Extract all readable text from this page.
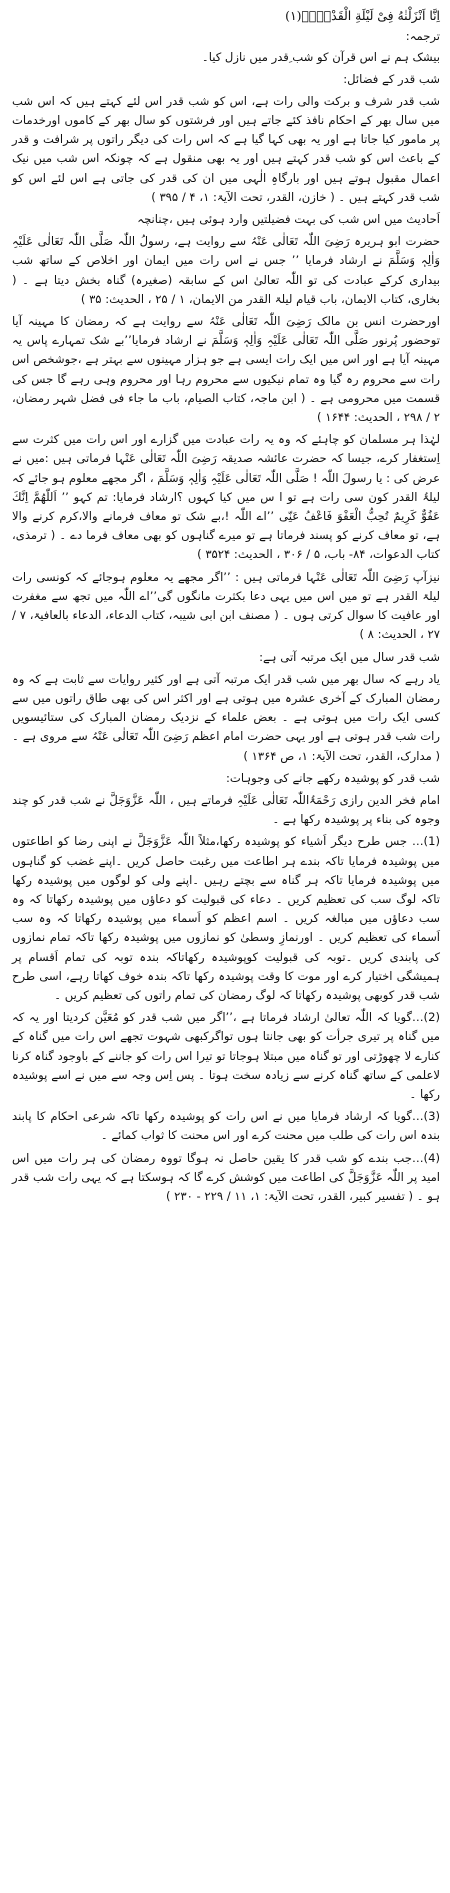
اِنَّا اَنْزَلْنٰهُ فِیْ لَیْلَةِ الْقَدْرِۚۖ(۱)
ترجمہ:
بیشک ہم نے اس قرآن کو شب ِقدر میں نازل کیا۔
شب قدر کے فضائل:
شب قدر شرف و برکت والی رات ہے، اس کو شب قدر اس لئے کہتے ہیں کہ اس شب میں سال بھر کے احکام نافذ کئے جاتے ہیں اور فرشتوں کو سال بھر کے کاموں اورخدمات پر مامور کیا جاتا ہے اور یہ بھی کہا گیا ہے کہ اس رات کی دیگر راتوں پر شرافت و قدر کے باعث اس کو شب قدر کہتے ہیں اور یہ بھی منقول ہے کہ چونکہ اس شب میں نیک اعمال مقبول ہوتے ہیں اور بارگاہِ الٰہی میں ان کی قدر کی جاتی ہے اس لئے اس کو شب قدر کہتے ہیں ۔ ( خازن، القدر، تحت الآیۃ: ۱، ۴ / ۳۹۵ )
اَحادیث میں اس شب کی بہت فضیلتیں وارد ہوئی ہیں ،چنانچہ
حضرت ابو ہریرہ رَضِیَ اللّٰہ تَعَالٰی عَنْہُ سے روایت ہے، رسولُ اللّٰہ صَلَّی اللّٰہ تَعَالٰی عَلَیْہِ وَاٰلِہٖ وَسَلَّمَ نے ارشاد فرمایا ’’ جس نے اس رات میں ایمان اور اخلاص کے ساتھ شب بیداری کرکے عبادت کی تو اللّٰہ تعالیٰ اس کے سابقہ (صغیرہ) گناہ بخش دیتا ہے ۔ ( بخاری، کتاب الایمان، باب قیام لیلۃ القدر من الایمان، ۱ / ۲۵ ، الحدیث: ۳۵ )
اورحضرت انس بن مالک رَضِیَ اللّٰہ تَعَالٰی عَنْہُ سے روایت ہے کہ رمضان کا مہینہ آیا توحضور پُرنور صَلَّی اللّٰہ تَعَالٰی عَلَیْہِ وَاٰلِہٖ وَسَلَّمَ نے ارشاد فرمایا’’بے شک تمہارے پاس یہ مہینہ آیا ہے اور اس میں ایک رات ایسی ہے جو ہزار مہینوں سے بہتر ہے ،جوشخص اس رات سے محروم رہ گیا وہ تمام نیکیوں سے محروم رہا اور محروم وہی رہے گا جس کی قسمت میں محرومی ہے ۔ ( ابن ماجہ، کتاب الصیام، باب ما جاء فی فضل شہر رمضان، ۲ / ۲۹۸ ، الحدیث: ۱۶۴۴ )
لہٰذا ہر مسلمان کو چاہئے کہ وہ یہ رات عبادت میں گزارے اور اس رات میں کثرت سے اِستغفار کرے، جیسا کہ حضرت عائشہ صدیقہ رَضِیَ اللّٰہ تَعَالٰی عَنْہا فرماتی ہیں :میں نے عرض کی : یا رسولَ اللّٰہ ! صَلَّی اللّٰہ تَعَالٰی عَلَیْہِ وَاٰلِہٖ وَسَلَّمَ ، اگر مجھے معلوم ہو جائے کہ لیلۃُ القدر کون سی رات ہے تو ا س میں کیا کہوں ؟ارشاد فرمایا: تم کہو ’’ اَللّٰهُمَّ اِنَّكَ عَفُوٌّ كَرِيمٌ تُحِبُّ الْعَفْوَ فَاعْفُ عَنِّی ’’اے اللّٰہ !،بے شک تو معاف فرمانے والا،کرم کرنے والا ہے، تو معاف کرنے کو پسند فرماتا ہے تو میرے گناہوں کو بھی معاف فرما دے ۔ ( ترمذی، کتاب الدعوات، ۸۴- باب، ۵ / ۳۰۶ ، الحدیث: ۳۵۲۴ )
نیزآپ رَضِیَ اللّٰہ تَعَالٰی عَنْہا فرماتی ہیں : ’’اگر مجھے یہ معلوم ہوجائے کہ کونسی رات لیلۃ القدر ہے تو میں اس میں یہی دعا بکثرت مانگوں گی’’اے اللّٰہ میں تجھ سے مغفرت اور عافیت کا سوال کرتی ہوں ۔ ( مصنف ابن ابی شیبہ، کتاب الدعاء، الدعاء بالعافیۃ، ۷ / ۲۷ ، الحدیث: ۸ )
شب قدر سال میں ایک مرتبہ آتی ہے:
یاد رہے کہ سال بھر میں شب قدر ایک مرتبہ آتی ہے اور کثیر روایات سے ثابت ہے کہ وہ رمضان المبارک کے آخری عشرہ میں ہوتی ہے اور اکثر اس کی بھی طاق راتوں میں سے کسی ایک رات میں ہوتی ہے ۔ بعض علماء کے نزدیک رمضان المبارک کی ستائیسویں رات شب قدر ہوتی ہے اور یہی حضرت امام اعظم رَضِیَ اللّٰہ تَعَالٰی عَنْہُ سے مروی ہے ۔ ( مدارک، القدر، تحت الآیۃ: ۱، ص ۱۳۶۴ )
شب قدر کو پوشیدہ رکھے جانے کی وجوہات:
امام فخر الدین رازی رَحْمَۃُاللّٰہ تَعَالٰی عَلَیْہِ فرماتے ہیں ، اللّٰہ عَزَّوَجَلَّ نے شب قدر کو چند وجوہ کی بناء پر پوشیدہ رکھا ہے ۔
(1)… جس طرح دیگر اَشیاء کو پوشیدہ رکھا،مثلاً اللّٰہ عَزَّوَجَلَّ نے اپنی رضا کو اطاعتوں میں پوشیدہ فرمایا تاکہ بندے ہر اطاعت میں رغبت حاصل کریں ۔اپنے غضب کو گناہوں میں پوشیدہ فرمایا تاکہ ہر گناہ سے بچتے رہیں ۔اپنے ولی کو لوگوں میں پوشیدہ رکھا تاکہ لوگ سب کی تعظیم کریں ۔ دعاء کی قبولیت کو دعاؤں میں پوشیدہ رکھاتا کہ وہ سب دعاؤں میں مبالغہ کریں ۔ اسم اعظم کو اَسماء میں پوشیدہ رکھاتا کہ وہ سب اَسماء کی تعظیم کریں ۔ اورنمازِ وسطیٰ کو نمازوں میں پوشیدہ رکھا تاکہ تمام نمازوں کی پابندی کریں ۔توبہ کی قبولیت کوپوشیدہ رکھاتاکہ بندہ توبہ کی تمام اَقسام پر ہمیشگی اختیار کرے اور موت کا وقت پوشیدہ رکھا تاکہ بندہ خوف کھاتا رہے، اسی طرح شب قدر کوبھی پوشیدہ رکھاتا کہ لوگ رمضان کی تمام راتوں کی تعظیم کریں ۔
(2)…گویا کہ اللّٰہ تعالیٰ ارشاد فرماتا ہے ،’’اگر میں شب قدر کو مُعَیَّن کردیتا اور یہ کہ میں گناہ پر تیری جرأت کو بھی جانتا ہوں تواگرکبھی شہوت تجھے اس رات میں گناہ کے کنارے لا چھوڑتی اور تو گناہ میں مبتلا ہوجاتا تو تیرا اس رات کو جاننے کے باوجود گناہ کرنا لاعلمی کے ساتھ گناہ کرنے سے زیادہ سخت ہوتا ۔ پس اِس وجہ سے میں نے اسے پوشیدہ رکھا ۔
(3)…گویا کہ ارشاد فرمایا میں نے اس رات کو پوشیدہ رکھا تاکہ شرعی احکام کا پابند بندہ اس رات کی طلب میں محنت کرے اور اس محنت کا ثواب کمائے ۔
(4)…جب بندے کو شب قدر کا یقین حاصل نہ ہوگا تووہ رمضان کی ہر رات میں اس امید پر اللّٰہ عَزَّوَجَلَّ کی اطاعت میں کوشش کرے گا کہ ہوسکتا ہے کہ یہی رات شب قدر ہو ۔ ( تفسیر کبیر، القدر، تحت الآیۃ: ۱، ۱۱ / ۲۲۹ - ۲۳۰ )
